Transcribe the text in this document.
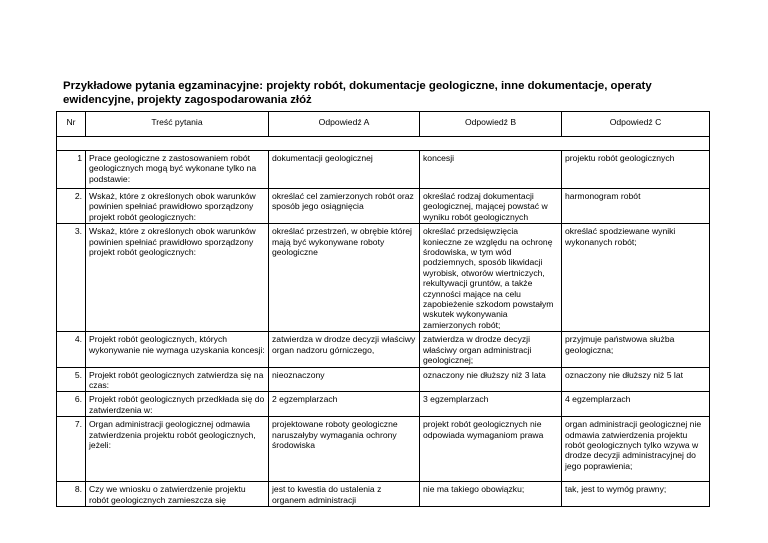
Przykładowe pytania egzaminacyjne: projekty robót, dokumentacje geologiczne, inne dokumentacje, operaty ewidencyjne, projekty zagospodarowania złóż
Nr	Treść pytania	Odpowiedź A	Odpowiedź B	Odpowiedź C

1	Prace geologiczne z zastosowaniem robót geologicznych mogą być wykonane tylko na podstawie:	dokumentacji geologicznej	koncesji	projektu robót geologicznych
2.	Wskaż, które z określonych obok warunków powinien spełniać prawidłowo sporządzony projekt robót geologicznych:	określać cel zamierzonych robót oraz sposób jego osiągnięcia	określać rodzaj dokumentacji geologicznej, mającej powstać w wyniku robót geologicznych	harmonogram robót
3.	Wskaż, które z określonych obok warunków powinien spełniać prawidłowo sporządzony projekt robót geologicznych:	określać przestrzeń, w obrębie której mają być wykonywane roboty geologiczne	określać przedsięwzięcia konieczne ze względu na ochronę środowiska, w tym wód podziemnych, sposób likwidacji wyrobisk, otworów wiertniczych, rekultywacji gruntów, a także czynności mające na celu zapobieżenie szkodom powstałym wskutek wykonywania zamierzonych robót;	określać spodziewane wyniki wykonanych robót;
4.	Projekt robót geologicznych, których wykonywanie nie wymaga uzyskania koncesji:	zatwierdza w drodze decyzji właściwy organ nadzoru górniczego,	zatwierdza w drodze decyzji właściwy organ administracji geologicznej;	przyjmuje państwowa służba geologiczna;
5.	Projekt robót geologicznych zatwierdza się na czas:	nieoznaczony	oznaczony nie dłuższy niż 3 lata	oznaczony nie dłuższy niż 5 lat
6.	Projekt robót geologicznych przedkłada się do zatwierdzenia w:	2 egzemplarzach	3 egzemplarzach	4 egzemplarzach
7.	Organ administracji geologicznej odmawia zatwierdzenia projektu robót geologicznych, jeżeli:	projektowane roboty geologiczne naruszałyby wymagania ochrony środowiska	projekt robót geologicznych nie odpowiada wymaganiom prawa	organ administracji geologicznej nie odmawia zatwierdzenia projektu robót geologicznych tylko wzywa w drodze decyzji administracyjnej do jego poprawienia;
8.	Czy we wniosku o zatwierdzenie projektu robót geologicznych zamieszcza się	jest to kwestia do ustalenia z organem administracji	nie ma takiego obowiązku;	tak, jest to wymóg prawny;
